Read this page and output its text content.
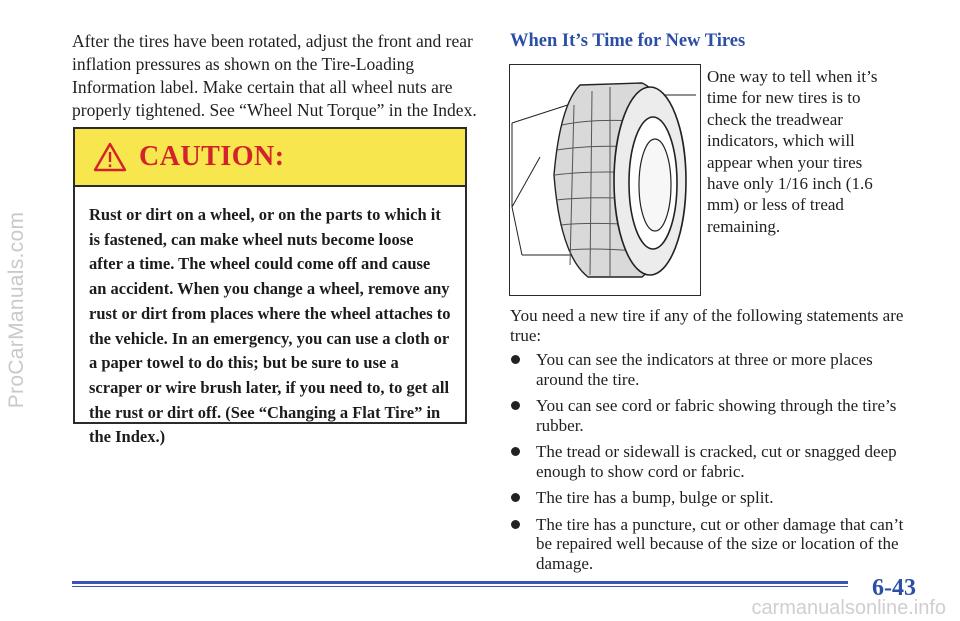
ProCarManuals.com

After the tires have been rotated, adjust the front and rear inflation pressures as shown on the Tire-Loading Information label. Make certain that all wheel nuts are properly tightened. See “Wheel Nut Torque” in the Index.

CAUTION:

Rust or dirt on a wheel, or on the parts to which it is fastened, can make wheel nuts become loose after a time. The wheel could come off and cause an accident. When you change a wheel, remove any rust or dirt from places where the wheel attaches to the vehicle. In an emergency, you can use a cloth or a paper towel to do this; but be sure to use a scraper or wire brush later, if you need to, to get all the rust or dirt off. (See “Changing a Flat Tire” in the Index.)

When It’s Time for New Tires

One way to tell when it’s time for new tires is to check the treadwear indicators, which will appear when your tires have only 1/16 inch (1.6 mm) or less of tread remaining.

You need a new tire if any of the following statements are true:

You can see the indicators at three or more places around the tire.
You can see cord or fabric showing through the tire’s rubber.
The tread or sidewall is cracked, cut or snagged deep enough to show cord or fabric.
The tire has a bump, bulge or split.
The tire has a puncture, cut or other damage that can’t be repaired well because of the size or location of the damage.

6-43

carmanualsonline.info
